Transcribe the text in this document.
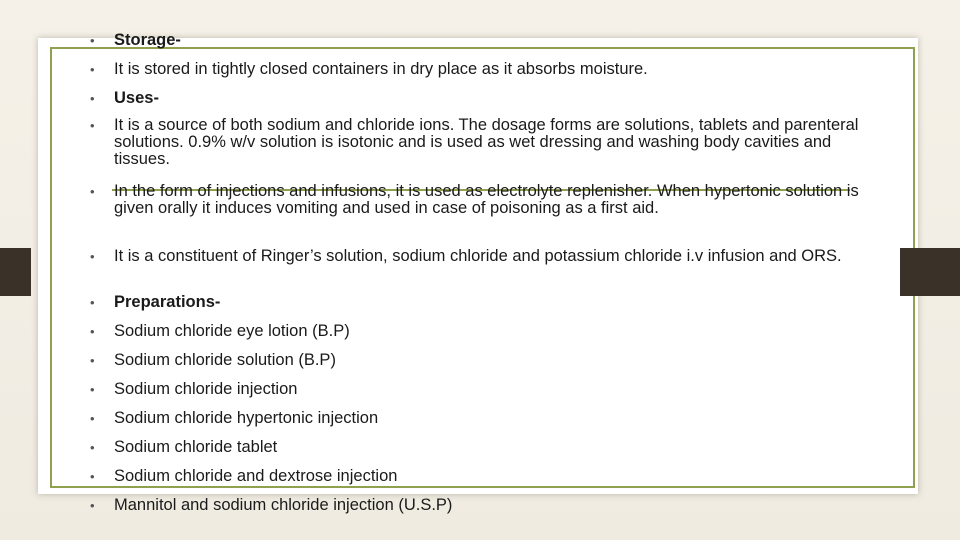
•	Storage-
•	It is stored in tightly closed containers in dry place as it absorbs moisture.
•	Uses-
•	It is a source of both sodium and chloride ions. The dosage forms are solutions, tablets and parenteral solutions. 0.9% w/v solution is isotonic and is used as wet dressing and washing body cavities and tissues.
•	In the form of injections and infusions, it is used as electrolyte replenisher. When hypertonic solution is given orally it induces vomiting and used in case of poisoning as a first aid.
•	It is a constituent of Ringer’s solution, sodium chloride and potassium chloride i.v infusion and ORS.
•	Preparations-
•	Sodium chloride eye lotion (B.P)
•	Sodium chloride solution (B.P)
•	Sodium chloride injection
•	Sodium chloride hypertonic injection
•	Sodium chloride tablet
•	Sodium chloride and dextrose injection
•	Mannitol and sodium chloride injection (U.S.P)
